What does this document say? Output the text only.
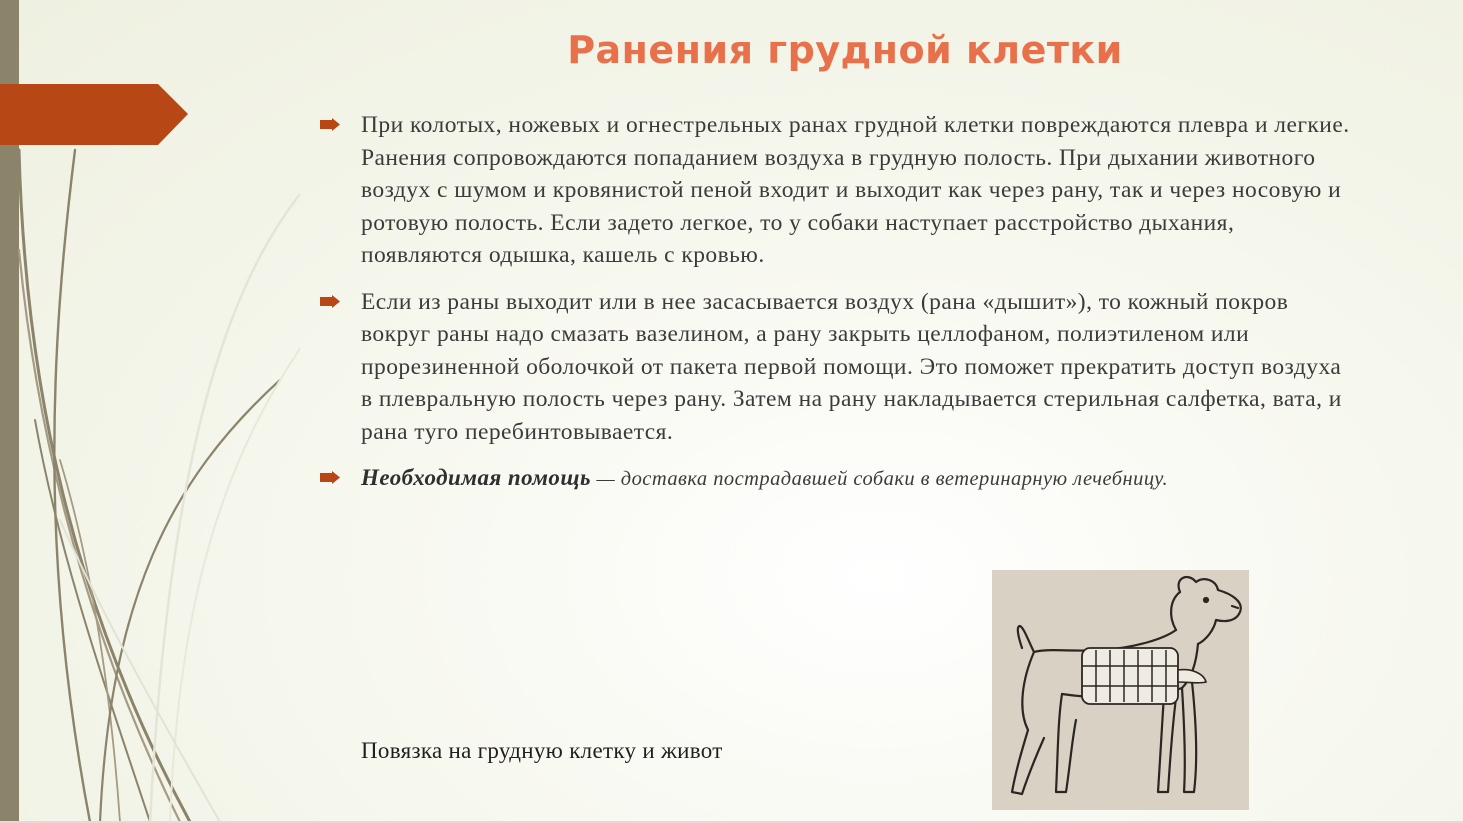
Ранения грудной клетки
При колотых, ножевых и огнестрельных ранах грудной клетки повреждаются плевра и легкие. Ранения сопровождаются попаданием воздуха в грудную полость. При дыхании животного воздух с шумом и кровянистой пеной входит и выходит как через рану, так и через носовую и ротовую полость. Если задето легкое, то у собаки наступает расстройство дыхания, появляются одышка, кашель с кровью.
Если из раны выходит или в нее засасывается воздух (рана «дышит»), то кожный покров вокруг раны надо смазать вазелином, а рану закрыть целлофаном, полиэтиленом или прорезиненной оболочкой от пакета первой помощи. Это поможет прекратить доступ воздуха в плевральную полость через рану. Затем на рану накладывается стерильная салфетка, вата, и рана туго перебинтовывается.
Необходимая помощь — доставка пострадавшей собаки в ветеринарную лечебницу.
Повязка на грудную клетку и живот
